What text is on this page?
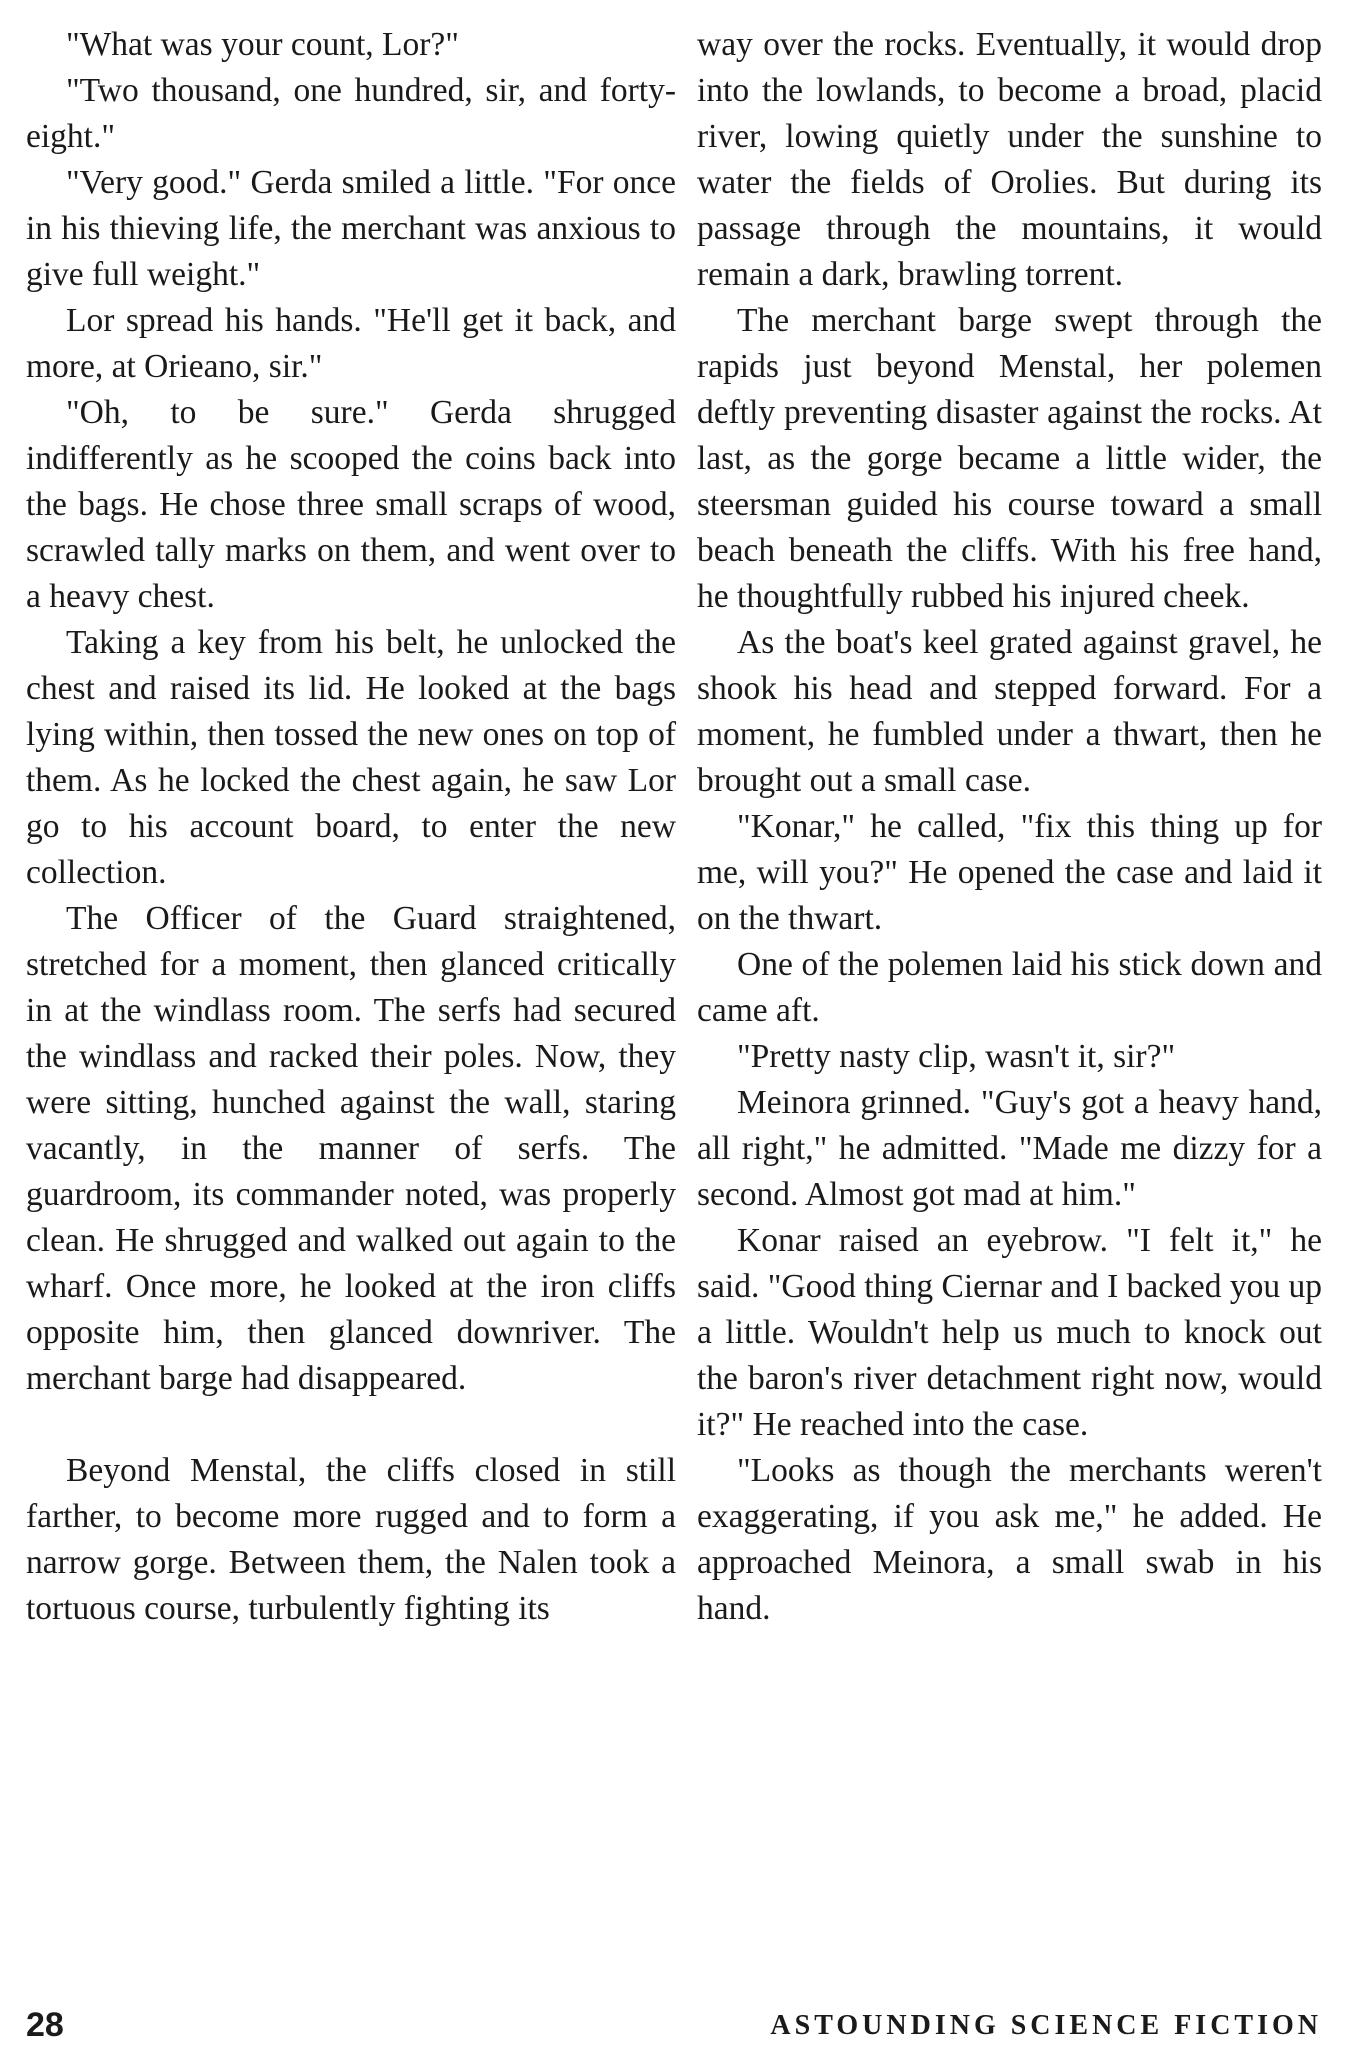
"What was your count, Lor?"

"Two thousand, one hundred, sir, and forty-eight."

"Very good." Gerda smiled a little. "For once in his thieving life, the merchant was anxious to give full weight."

Lor spread his hands. "He'll get it back, and more, at Orieano, sir."

"Oh, to be sure." Gerda shrugged indifferently as he scooped the coins back into the bags. He chose three small scraps of wood, scrawled tally marks on them, and went over to a heavy chest.

Taking a key from his belt, he unlocked the chest and raised its lid. He looked at the bags lying within, then tossed the new ones on top of them. As he locked the chest again, he saw Lor go to his account board, to enter the new collection.

The Officer of the Guard straightened, stretched for a moment, then glanced critically in at the windlass room. The serfs had secured the windlass and racked their poles. Now, they were sitting, hunched against the wall, staring vacantly, in the manner of serfs. The guardroom, its commander noted, was properly clean. He shrugged and walked out again to the wharf. Once more, he looked at the iron cliffs opposite him, then glanced downriver. The merchant barge had disappeared.

Beyond Menstal, the cliffs closed in still farther, to become more rugged and to form a narrow gorge. Between them, the Nalen took a tortuous course, turbulently fighting its

way over the rocks. Eventually, it would drop into the lowlands, to become a broad, placid river, lowing quietly under the sunshine to water the fields of Orolies. But during its passage through the mountains, it would remain a dark, brawling torrent.

The merchant barge swept through the rapids just beyond Menstal, her polemen deftly preventing disaster against the rocks. At last, as the gorge became a little wider, the steersman guided his course toward a small beach beneath the cliffs. With his free hand, he thoughtfully rubbed his injured cheek.

As the boat's keel grated against gravel, he shook his head and stepped forward. For a moment, he fumbled under a thwart, then he brought out a small case.

"Konar," he called, "fix this thing up for me, will you?" He opened the case and laid it on the thwart.

One of the polemen laid his stick down and came aft.

"Pretty nasty clip, wasn't it, sir?"

Meinora grinned. "Guy's got a heavy hand, all right," he admitted. "Made me dizzy for a second. Almost got mad at him."

Konar raised an eyebrow. "I felt it," he said. "Good thing Ciernar and I backed you up a little. Wouldn't help us much to knock out the baron's river detachment right now, would it?" He reached into the case.

"Looks as though the merchants weren't exaggerating, if you ask me," he added. He approached Meinora, a small swab in his hand.

28	ASTOUNDING SCIENCE FICTION
